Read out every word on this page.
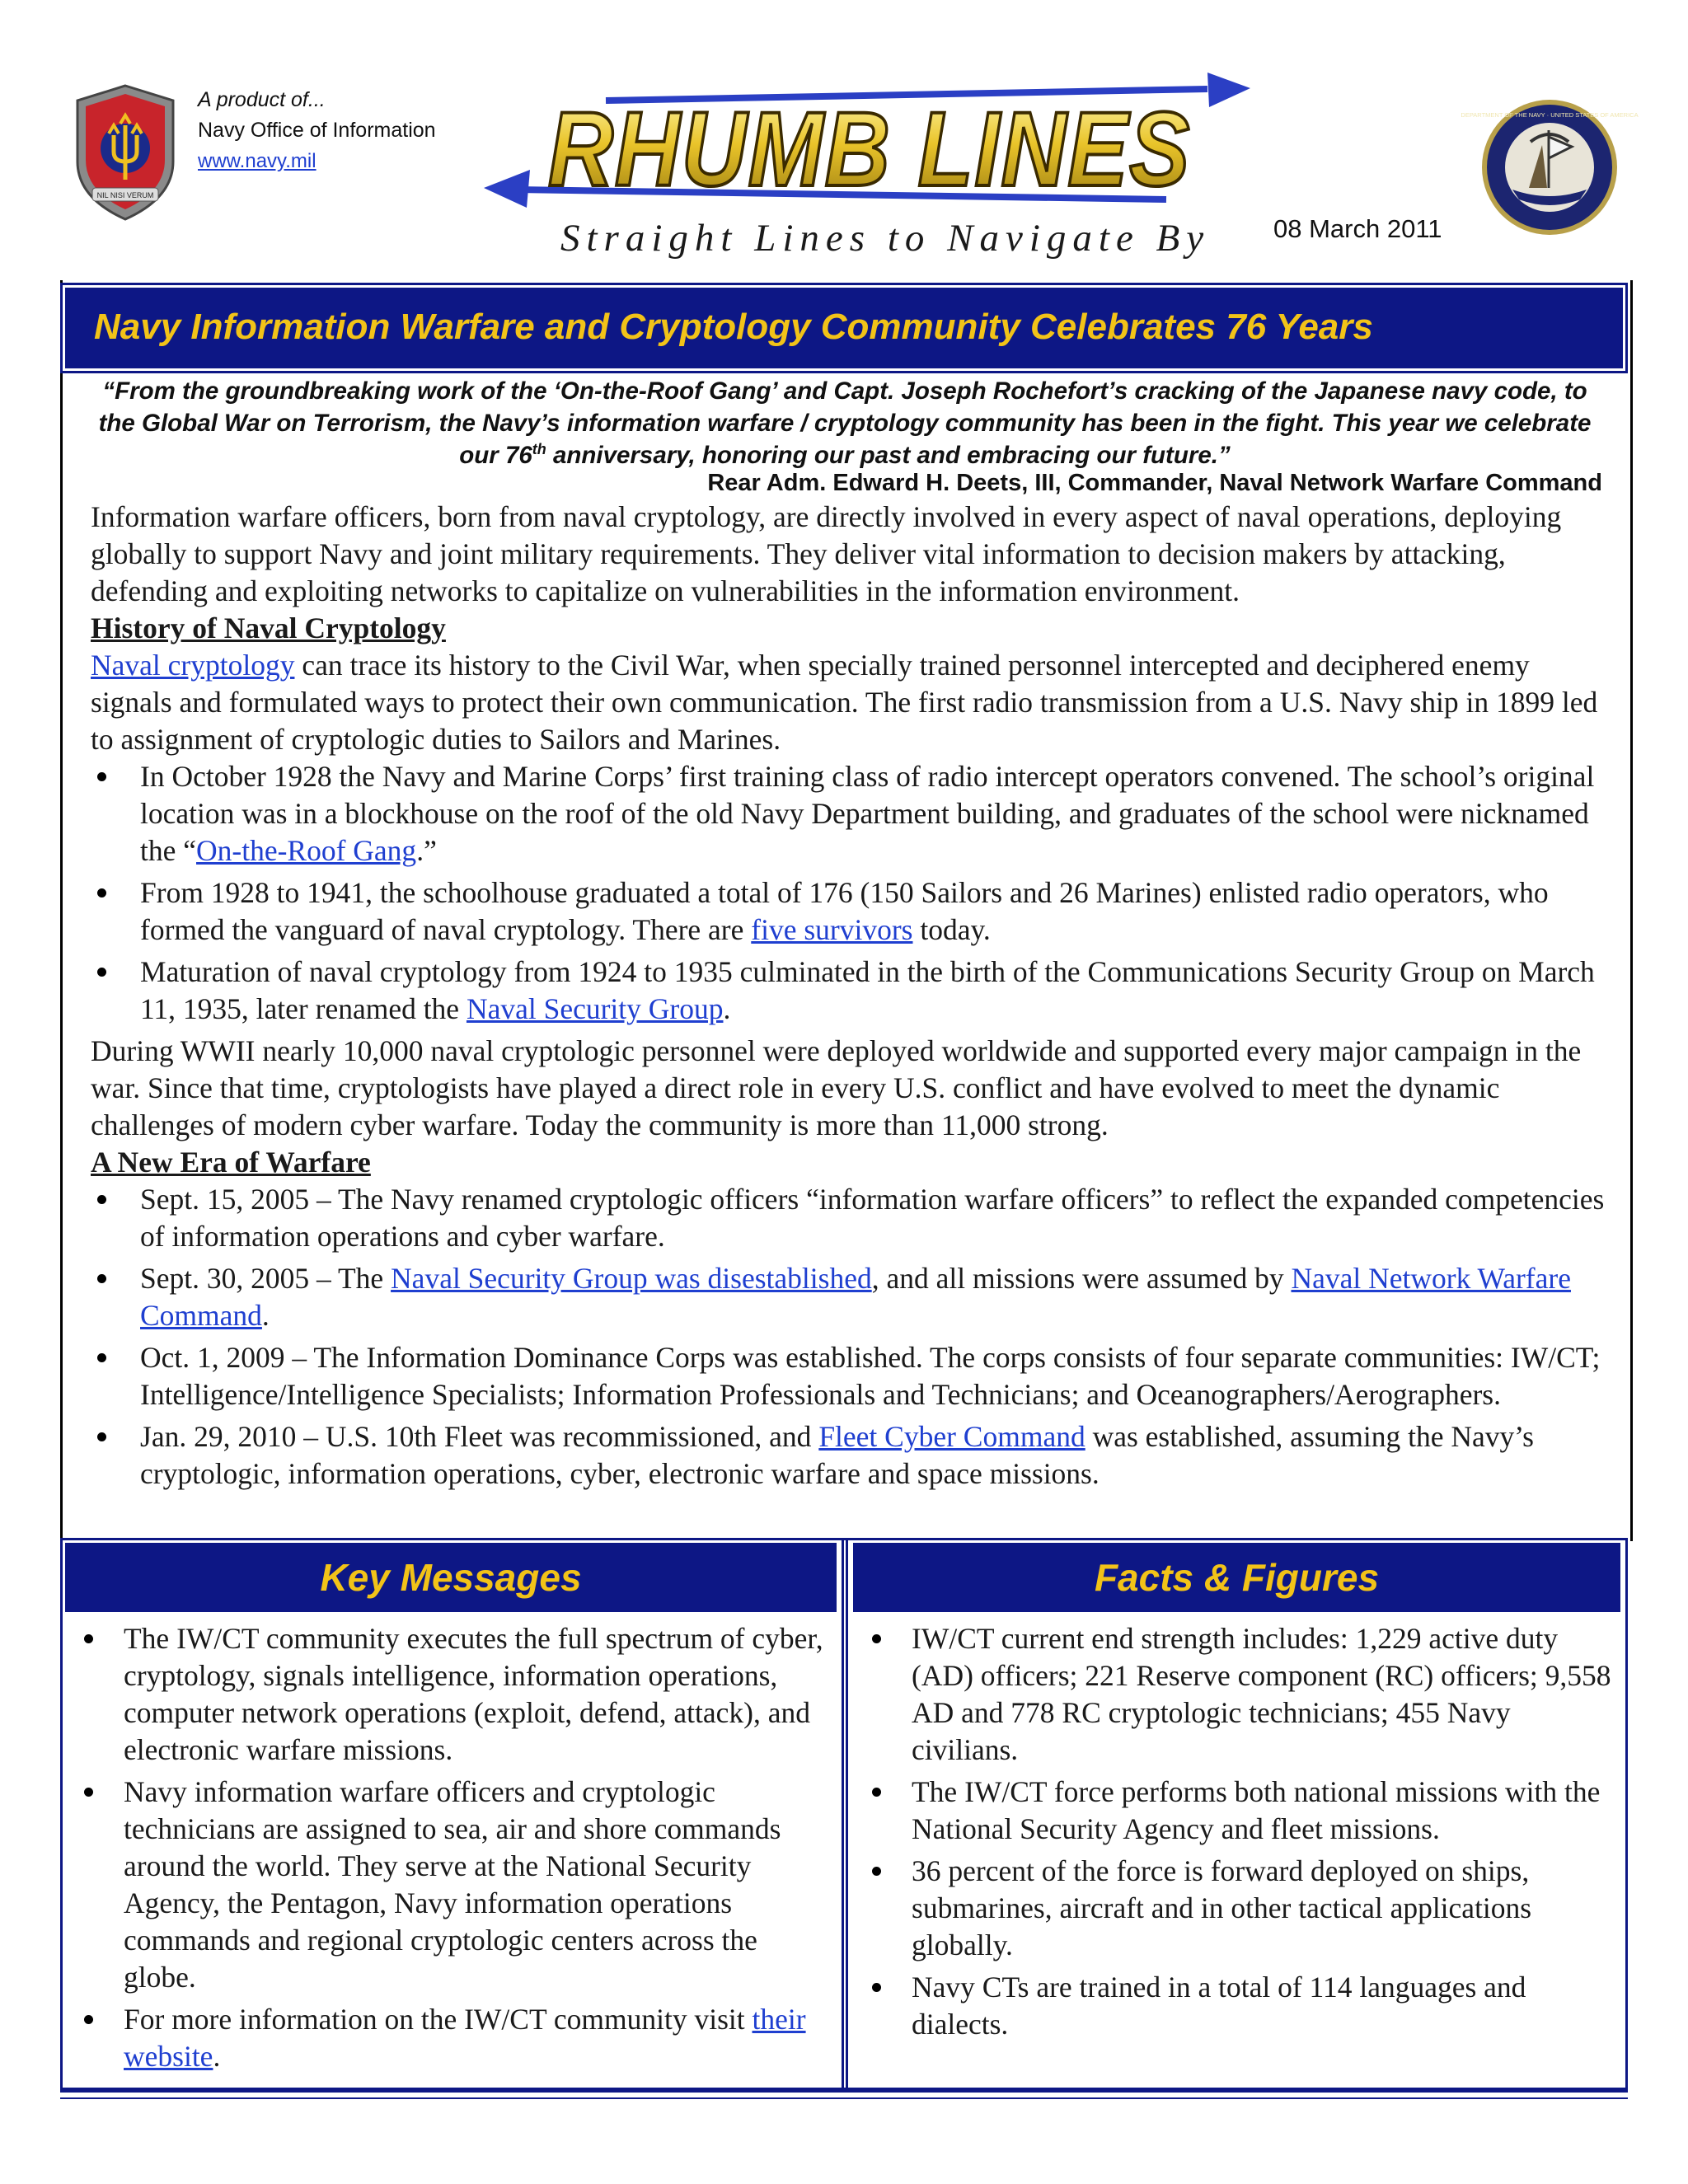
NIL NISI VERUM
A product of...
Navy Office of Information
www.navy.mil	RHUMB LINES
Straight Lines to Navigate By 08 March 2011
DEPARTMENT OF THE NAVY · UNITED STATES OF AMERICA
Navy Information Warfare and Cryptology Community Celebrates 76 Years
“From the groundbreaking work of the ‘On-the-Roof Gang’ and Capt. Joseph Rochefort’s cracking of the Japanese navy code, to the Global War on Terrorism, the Navy’s information warfare / cryptology community has been in the fight. This year we celebrate our 76th anniversary, honoring our past and embracing our future.”
Rear Adm. Edward H. Deets, III, Commander, Naval Network Warfare Command

Information warfare officers, born from naval cryptology, are directly involved in every aspect of naval operations, deploying globally to support Navy and joint military requirements. They deliver vital information to decision makers by attacking, defending and exploiting networks to capitalize on vulnerabilities in the information environment.

History of Naval Cryptology

Naval cryptology can trace its history to the Civil War, when specially trained personnel intercepted and deciphered enemy signals and formulated ways to protect their own communication. The first radio transmission from a U.S. Navy ship in 1899 led to assignment of cryptologic duties to Sailors and Marines.

In October 1928 the Navy and Marine Corps’ first training class of radio intercept operators convened. The school’s original location was in a blockhouse on the roof of the old Navy Department building, and graduates of the school were nicknamed the “On-the-Roof Gang.”
From 1928 to 1941, the schoolhouse graduated a total of 176 (150 Sailors and 26 Marines) enlisted radio operators, who formed the vanguard of naval cryptology. There are five survivors today.
Maturation of naval cryptology from 1924 to 1935 culminated in the birth of the Communications Security Group on March 11, 1935, later renamed the Naval Security Group.

During WWII nearly 10,000 naval cryptologic personnel were deployed worldwide and supported every major campaign in the war. Since that time, cryptologists have played a direct role in every U.S. conflict and have evolved to meet the dynamic challenges of modern cyber warfare. Today the community is more than 11,000 strong.

A New Era of Warfare
Sept. 15, 2005 – The Navy renamed cryptologic officers “information warfare officers” to reflect the expanded competencies of information operations and cyber warfare.
Sept. 30, 2005 – The Naval Security Group was disestablished, and all missions were assumed by Naval Network Warfare Command.
Oct. 1, 2009 – The Information Dominance Corps was established. The corps consists of four separate communities: IW/CT; Intelligence/Intelligence Specialists; Information Professionals and Technicians; and Oceanographers/Aerographers.
Jan. 29, 2010 – U.S. 10th Fleet was recommissioned, and Fleet Cyber Command was established, assuming the Navy’s cryptologic, information operations, cyber, electronic warfare and space missions.
Key Messages
The IW/CT community executes the full spectrum of cyber, cryptology, signals intelligence, information operations, computer network operations (exploit, defend, attack), and electronic warfare missions.
Navy information warfare officers and cryptologic technicians are assigned to sea, air and shore commands around the world. They serve at the National Security Agency, the Pentagon, Navy information operations commands and regional cryptologic centers across the globe.
For more information on the IW/CT community visit their website.
Facts & Figures
IW/CT current end strength includes: 1,229 active duty (AD) officers; 221 Reserve component (RC) officers; 9,558 AD and 778 RC cryptologic technicians; 455 Navy civilians.
The IW/CT force performs both national missions with the National Security Agency and fleet missions.
36 percent of the force is forward deployed on ships, submarines, aircraft and in other tactical applications globally.
Navy CTs are trained in a total of 114 languages and dialects.
